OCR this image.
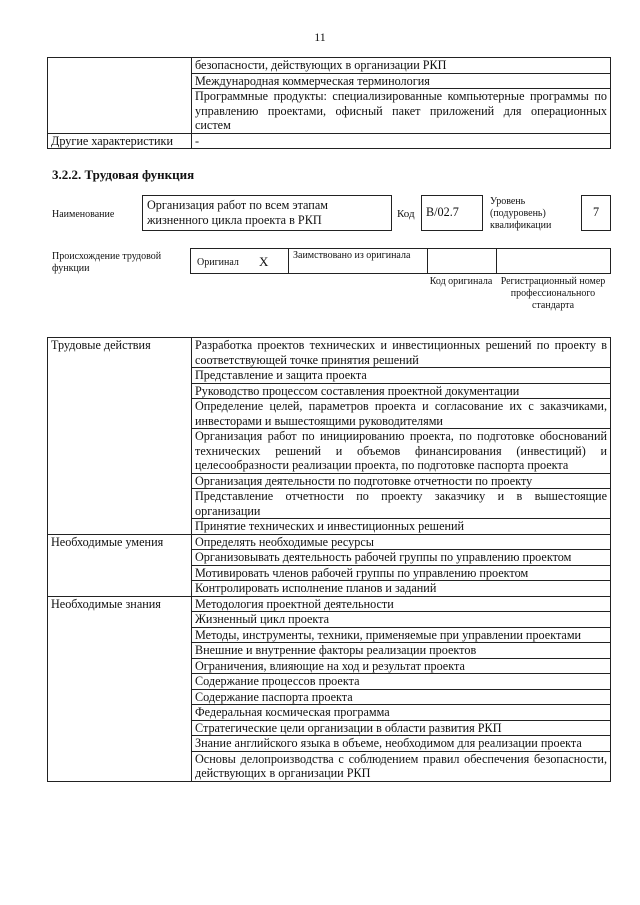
11
	безопасности, действующих в организации РКП
	Международная коммерческая терминология
	Программные продукты: специализированные компьютерные программы по управлению проектами, офисный пакет приложений для операционных систем
Другие характеристики	-
3.2.2. Трудовая функция
Наименование
Организация работ по всем этапам жизненного цикла проекта в РКП	Код B/02.7
Уровень (подуровень) квалификации
7
Происхождение трудовой функции
Оригинал X Заимствовано из оригинала
Код оригинала Регистрационный номер профессионального стандарта
Трудовые действия	Разработка проектов технических и инвестиционных решений по проекту в соответствующей точке принятия решений
	Представление и защита проекта
	Руководство процессом составления проектной документации
	Определение целей, параметров проекта и согласование их с заказчиками, инвесторами и вышестоящими руководителями
	Организация работ по инициированию проекта, по подготовке обоснований технических решений и объемов финансирования (инвестиций) и целесообразности реализации проекта, по подготовке паспорта проекта
	Организация деятельности по подготовке отчетности по проекту
	Представление отчетности по проекту заказчику и в вышестоящие организации
	Принятие технических и инвестиционных решений
Необходимые умения	Определять необходимые ресурсы
	Организовывать деятельность рабочей группы по управлению проектом
	Мотивировать членов рабочей группы по управлению проектом
	Контролировать исполнение планов и заданий
Необходимые знания	Методология проектной деятельности
	Жизненный цикл проекта
	Методы, инструменты, техники, применяемые при управлении проектами
	Внешние и внутренние факторы реализации проектов
	Ограничения, влияющие на ход и результат проекта
	Содержание процессов проекта
	Содержание паспорта проекта
	Федеральная космическая программа
	Стратегические цели организации в области развития РКП
	Знание английского языка в объеме, необходимом для реализации проекта
	Основы делопроизводства с соблюдением правил обеспечения безопасности, действующих в организации РКП
